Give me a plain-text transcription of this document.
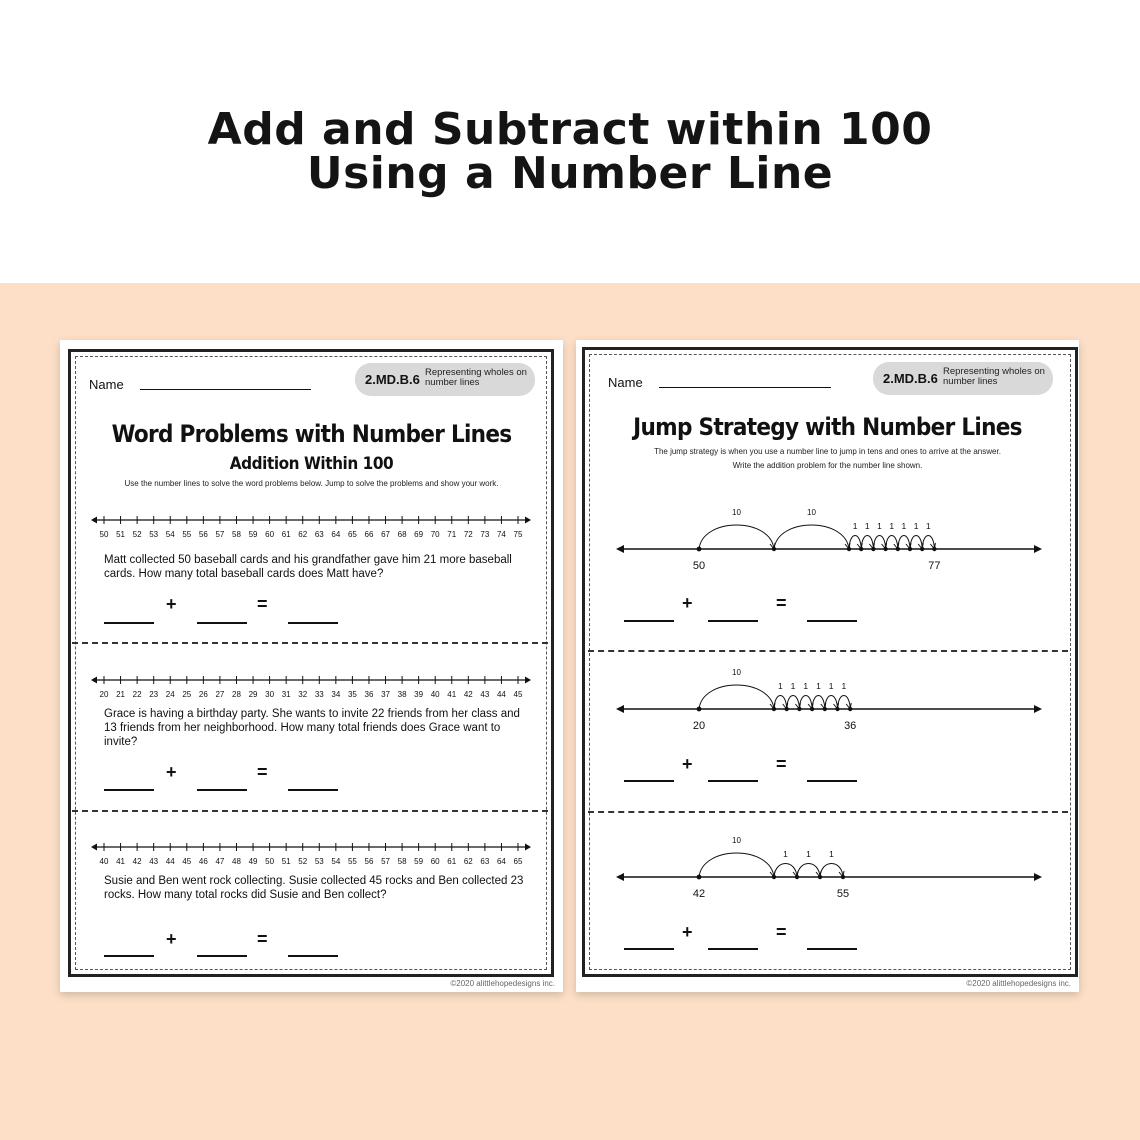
Add and Subtract within 100
Using a Number Line
Name	2.MD.B.6 Representing wholes on number lines
Word Problems with Number Lines
Addition Within 100
Use the number lines to solve the word problems below. Jump to solve the problems and show your work.
50 51 52 53 54 55 56 57 58 59 60 61 62 63 64 65 66 67 68 69 70 71 72 73 74 75
Matt collected 50 baseball cards and his grandfather gave him 21 more baseball cards. How many total baseball cards does Matt have?
+	=
20 21 22 23 24 25 26 27 28 29 30 31 32 33 34 35 36 37 38 39 40 41 42 43 44 45
Grace is having a birthday party. She wants to invite 22 friends from her class and 13 friends from her neighborhood. How many total friends does Grace want to invite?
+	=
40 41 42 43 44 45 46 47 48 49 50 51 52 53 54 55 56 57 58 59 60 61 62 63 64 65
Susie and Ben went rock collecting. Susie collected 45 rocks and Ben collected 23 rocks. How many total rocks did Susie and Ben collect?
+	=
©2020 alittlehopedesigns inc.
Name	2.MD.B.6 Representing wholes on number lines
Jump Strategy with Number Lines
The jump strategy is when you use a number line to jump in tens and ones to arrive at the answer.
Write the addition problem for the number line shown.
10	10
1 1 1 1 1 1 1
50	77
+	=
10
1 1 1 1 1 1
20	36
+	=
10
1 1 1
42	55
+	=
©2020 alittlehopedesigns inc.
